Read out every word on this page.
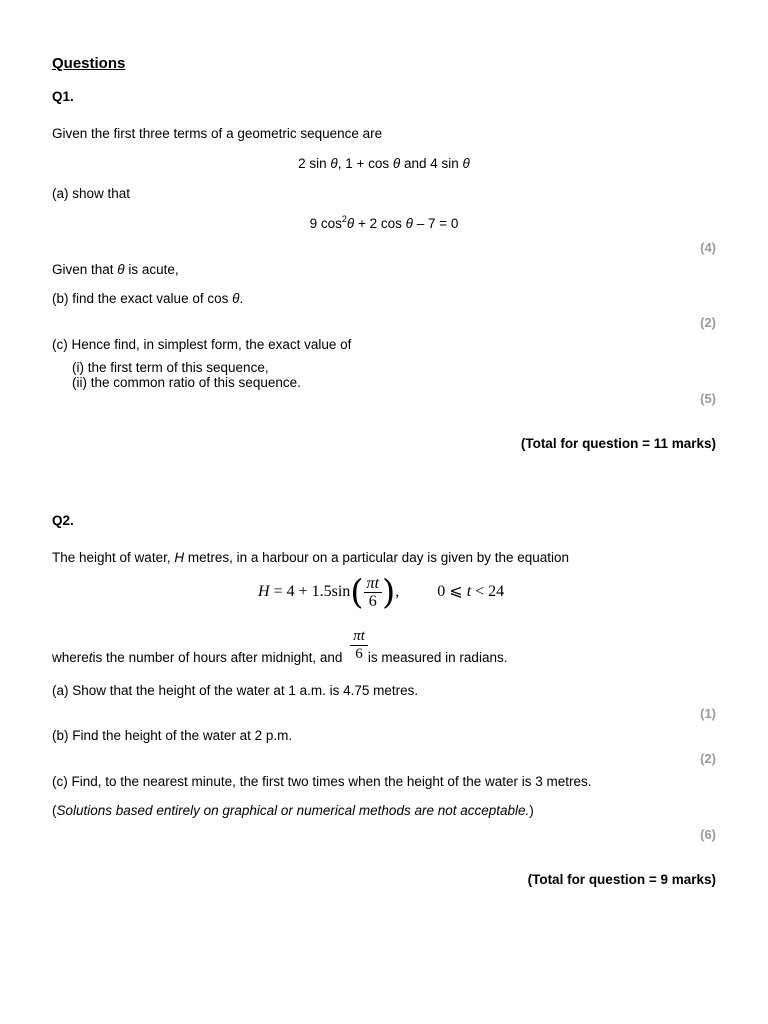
Questions
Q1.
Given the first three terms of a geometric sequence are
2 sin θ, 1 + cos θ and 4 sin θ
(a) show that
9 $\cos^2\theta + 2$ cos θ – 7 = 0
(4)
Given that θ is acute,
(b) find the exact value of cos θ.
(2)
(c) Hence find, in simplest form, the exact value of
(i) the first term of this sequence,
(ii) the common ratio of this sequence.
(5)
(Total for question = 11 marks)
Q2.
The height of water, H metres, in a harbour on a particular day is given by the equation
$H = 4 + 1.5\sin( \frac{\pi t}{6}$ ), 0 ⩽ t < 24
wheretis the number of hours after midnight, and $\frac{\pi t}{6}$ is measured in radians.
(a) Show that the height of the water at 1 a.m. is 4.75 metres.
(1)
(b) Find the height of the water at 2 p.m.
(2)
(c) Find, to the nearest minute, the first two times when the height of the water is 3 metres.
(Solutions based entirely on graphical or numerical methods are not acceptable.)
(6)
(Total for question = 9 marks)
